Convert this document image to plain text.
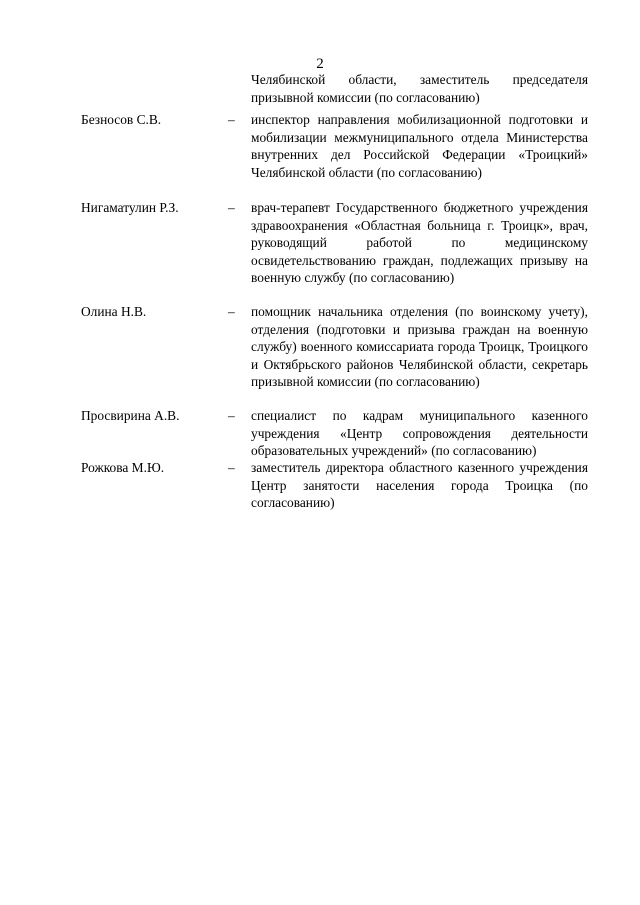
2
Челябинской области, заместитель председателя призывной комиссии (по согласованию)
Безносов С.В.	– инспектор направления мобилизационной подготовки и мобилизации межмуниципального отдела Министерства внутренних дел Российской Федерации «Троицкий» Челябинской области (по согласованию)
Нигаматулин Р.З.	– врач-терапевт Государственного бюджетного учреждения здравоохранения «Областная больница г. Троицк», врач, руководящий работой по медицинскому освидетельствованию граждан, подлежащих призыву на военную службу (по согласованию)
Олина Н.В.	– помощник начальника отделения (по воинскому учету), отделения (подготовки и призыва граждан на военную службу) военного комиссариата города Троицк, Троицкого и Октябрьского районов Челябинской области, секретарь призывной комиссии (по согласованию)
Просвирина А.В.	– специалист по кадрам муниципального казенного учреждения «Центр сопровождения деятельности образовательных учреждений» (по согласованию)
Рожкова М.Ю.	– заместитель директора областного казенного учреждения Центр занятости населения города Троицка (по согласованию)
